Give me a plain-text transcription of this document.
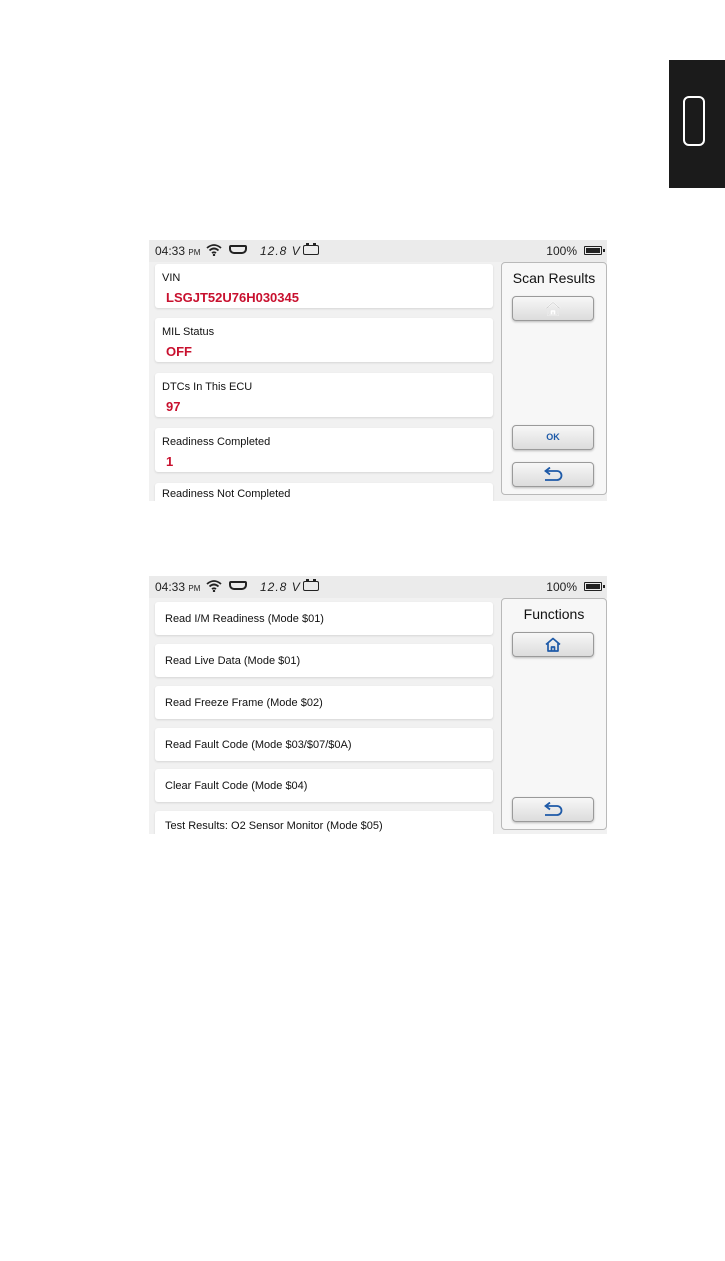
04:33 PM	12.8 V	100%
VIN
LSGJT52U76H030345
MIL Status
OFF
DTCs In This ECU
97
Readiness Completed
1
Readiness Not Completed
Scan Results
OK
04:33 PM	12.8 V	100%
Read I/M Readiness (Mode $01)
Read Live Data (Mode $01)
Read Freeze Frame (Mode $02)
Read Fault Code (Mode $03/$07/$0A)
Clear Fault Code (Mode $04)
Test Results: O2 Sensor Monitor (Mode $05)
Functions
